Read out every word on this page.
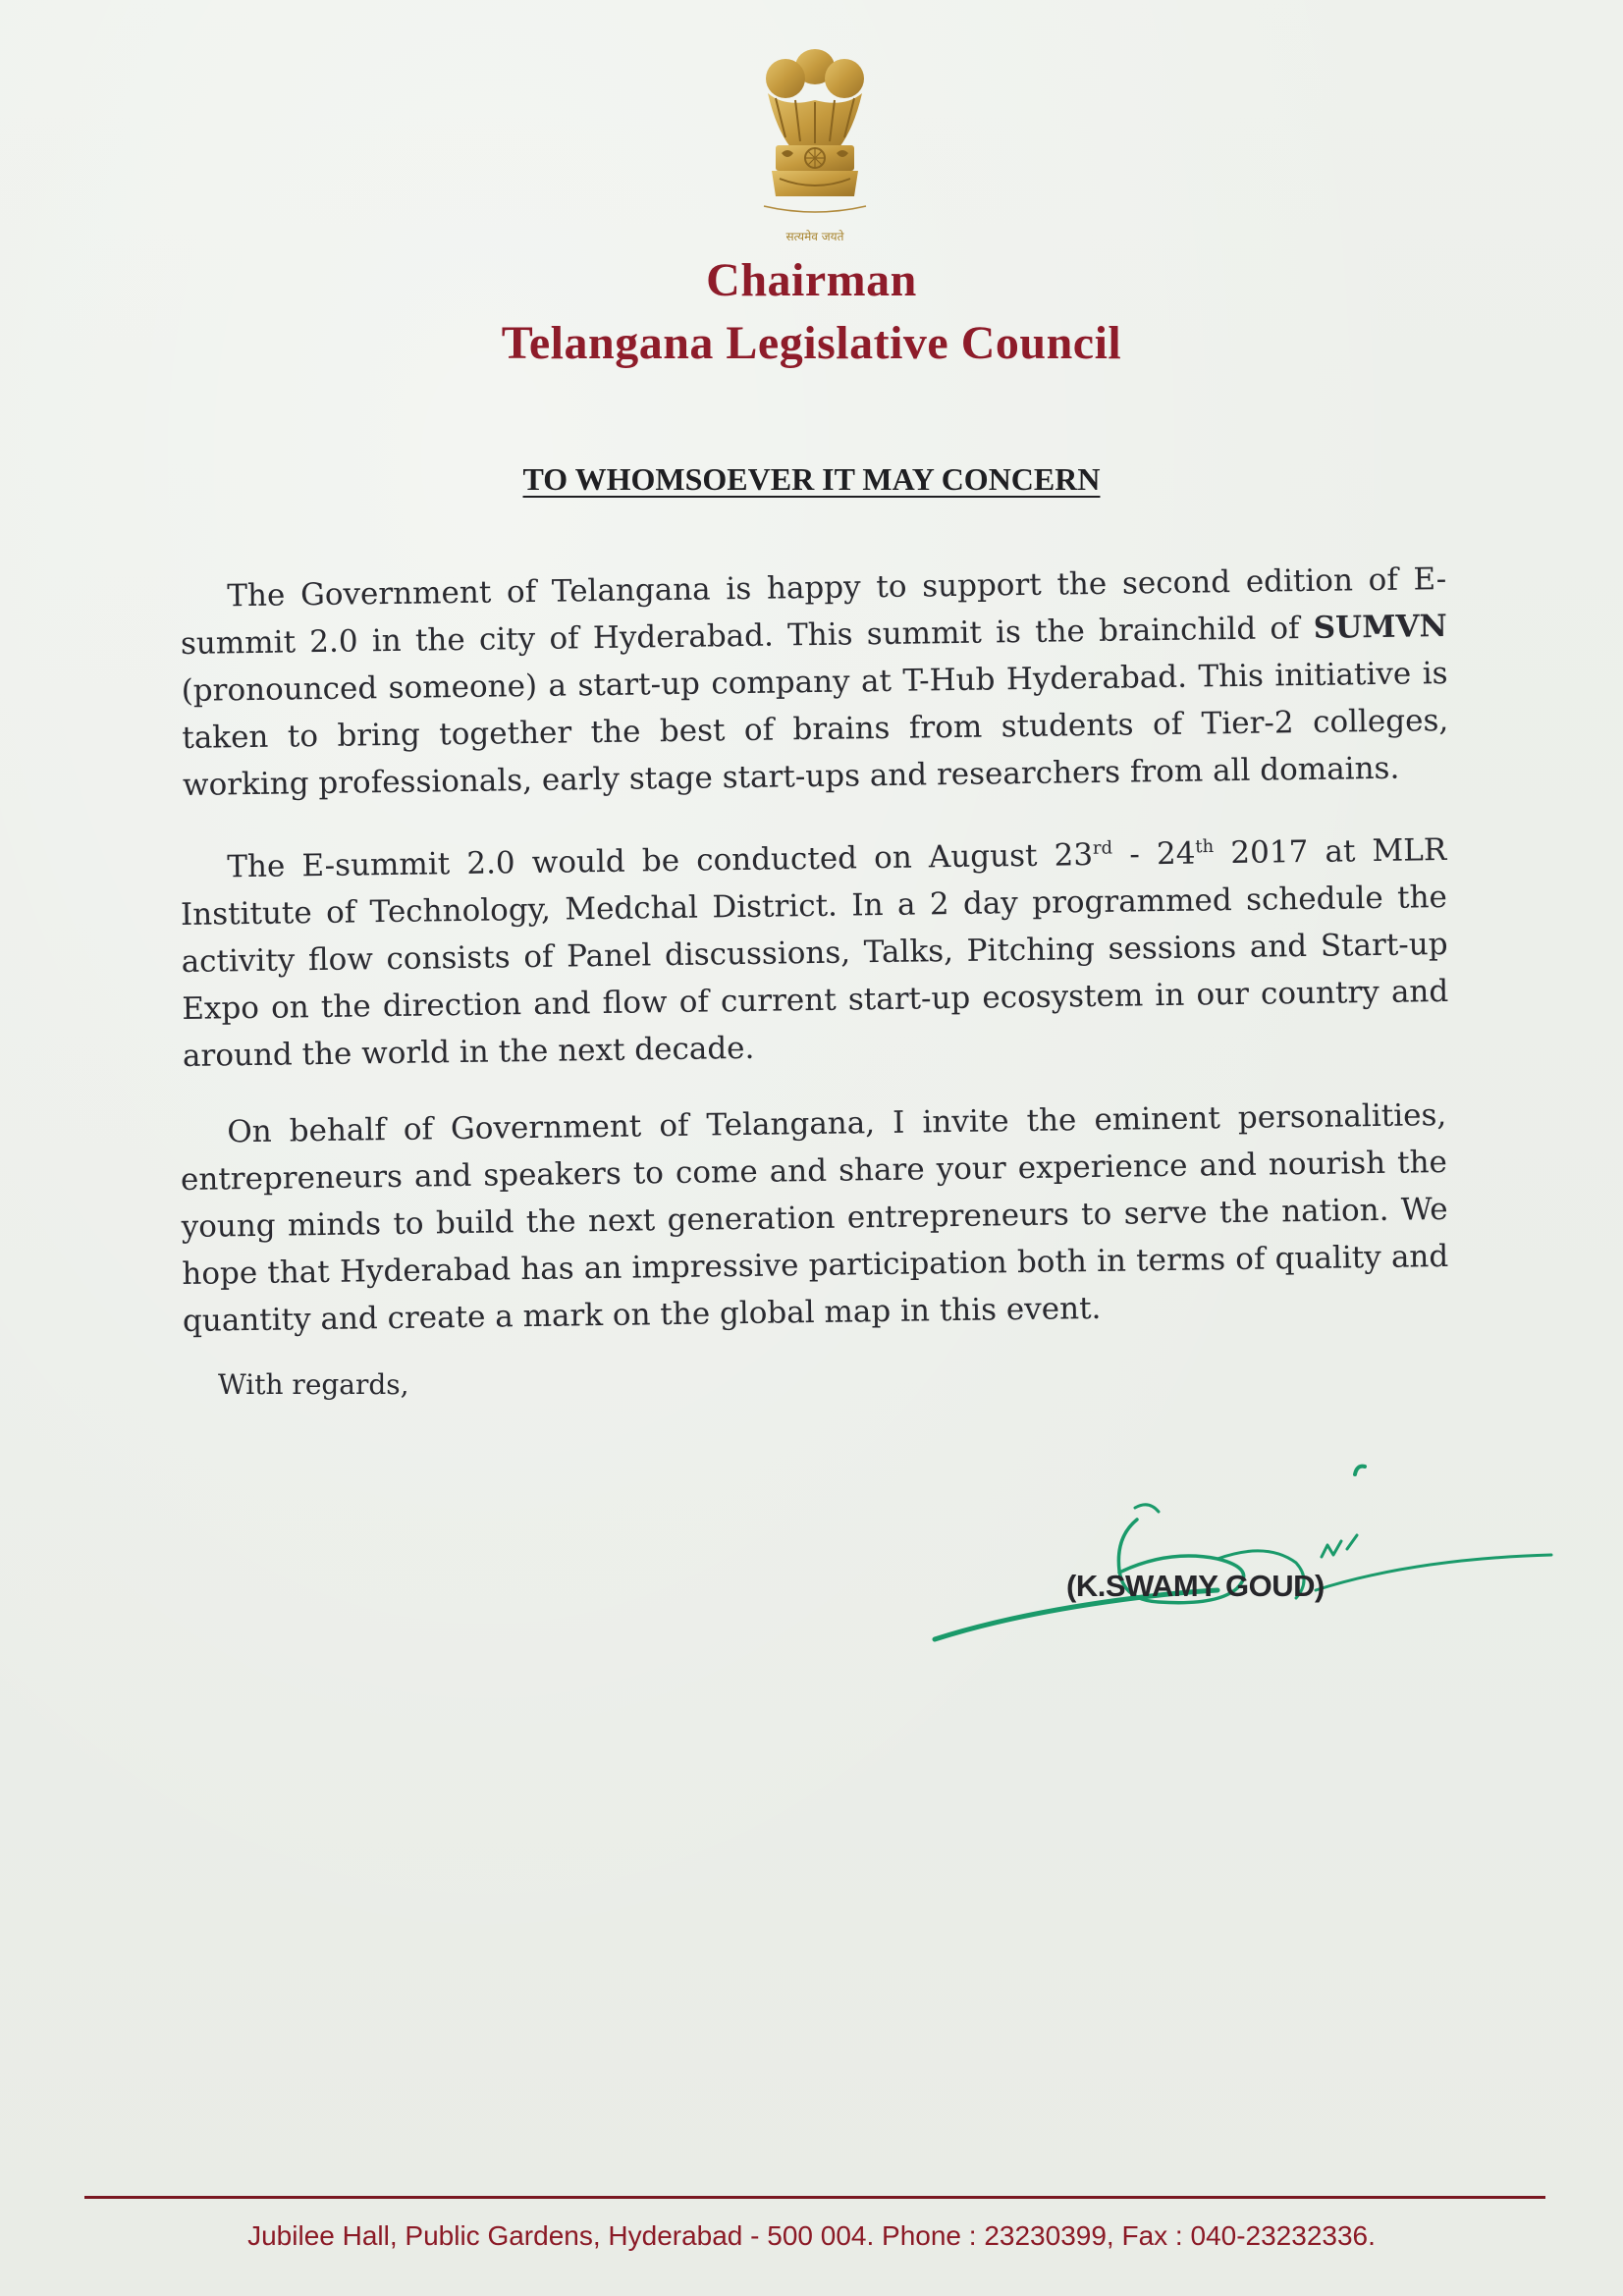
सत्यमेव जयते
Chairman
Telangana Legislative Council
TO WHOMSOEVER IT MAY CONCERN
The Government of Telangana is happy to support the second edition of E-summit 2.0 in the city of Hyderabad. This summit is the brainchild of SUMVN (pronounced someone) a start-up company at T-Hub Hyderabad. This initiative is taken to bring together the best of brains from students of Tier-2 colleges, working professionals, early stage start-ups and researchers from all domains.
The E-summit 2.0 would be conducted on August 23rd - 24th 2017 at MLR Institute of Technology, Medchal District. In a 2 day programmed schedule the activity flow consists of Panel discussions, Talks, Pitching sessions and Start-up Expo on the direction and flow of current start-up ecosystem in our country and around the world in the next decade.
On behalf of Government of Telangana, I invite the eminent personalities, entrepreneurs and speakers to come and share your experience and nourish the young minds to build the next generation entrepreneurs to serve the nation. We hope that Hyderabad has an impressive participation both in terms of quality and quantity and create a mark on the global map in this event.
With regards,
(K.SWAMY GOUD)
Jubilee Hall, Public Gardens, Hyderabad - 500 004. Phone : 23230399, Fax : 040-23232336.
